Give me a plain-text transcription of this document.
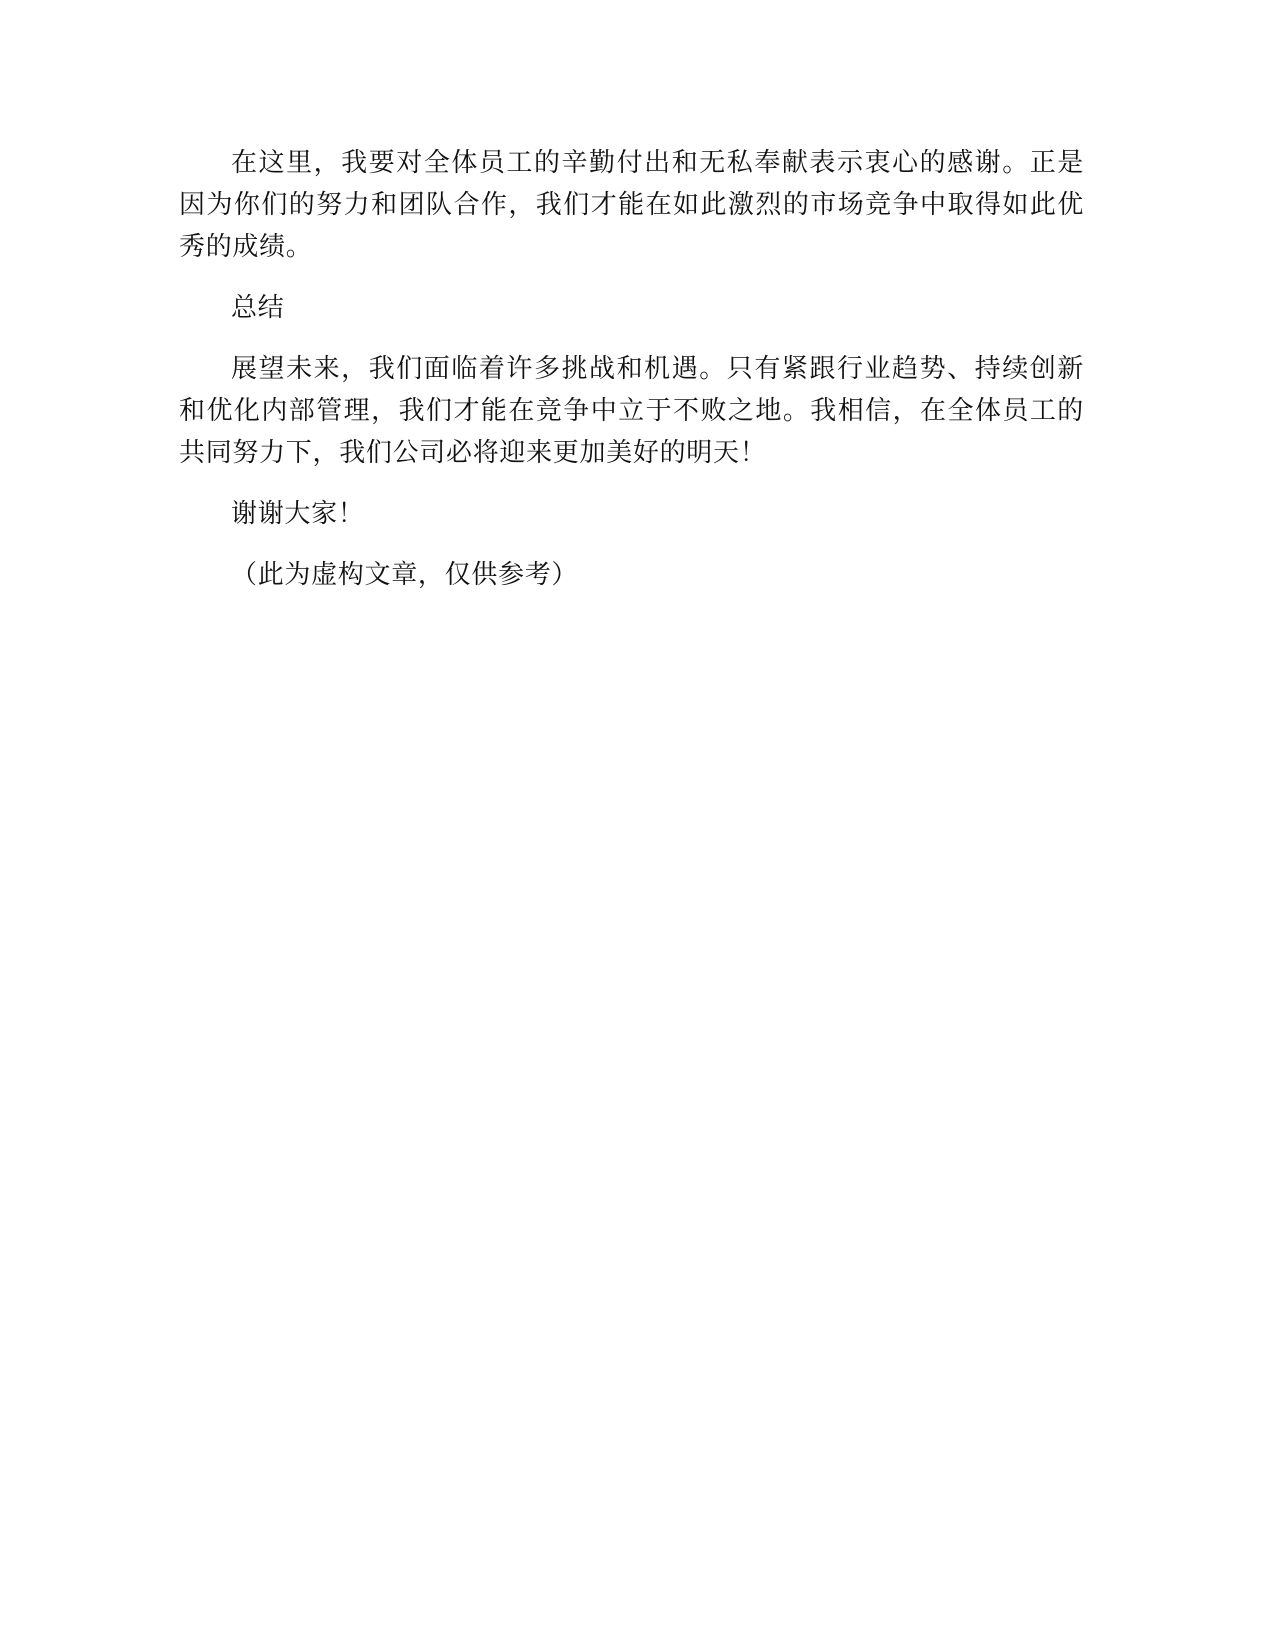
在这里，我要对全体员工的辛勤付出和无私奉献表示衷心的感谢。正是因为你们的努力和团队合作，我们才能在如此激烈的市场竞争中取得如此优秀的成绩。

总结

展望未来，我们面临着许多挑战和机遇。只有紧跟行业趋势、持续创新和优化内部管理，我们才能在竞争中立于不败之地。我相信，在全体员工的共同努力下，我们公司必将迎来更加美好的明天！

谢谢大家！

（此为虚构文章，仅供参考）
